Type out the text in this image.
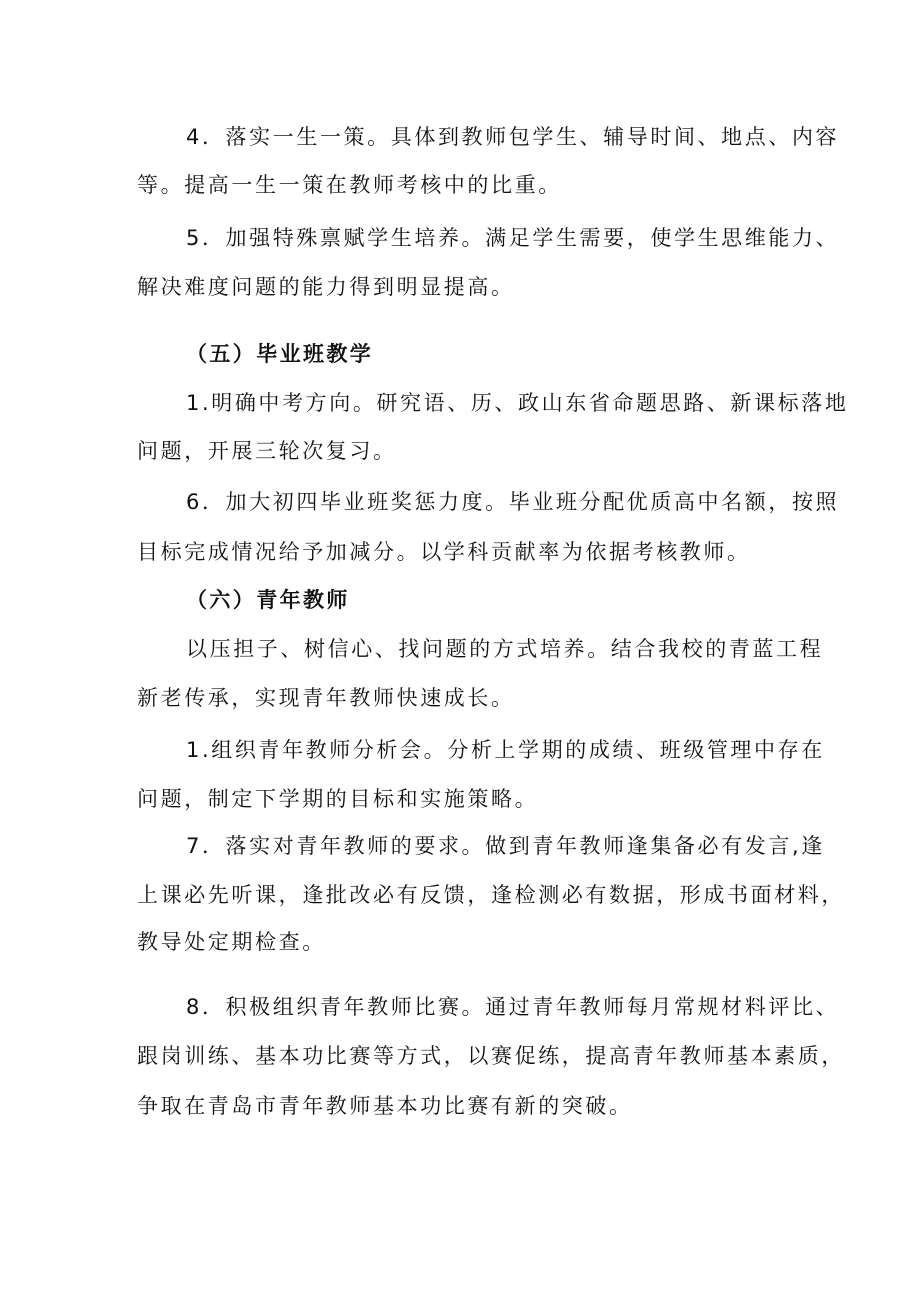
4．落实一生一策。具体到教师包学生、辅导时间、地点、内容
等。提高一生一策在教师考核中的比重。
5．加强特殊禀赋学生培养。满足学生需要，使学生思维能力、
解决难度问题的能力得到明显提高。
（五）毕业班教学
1.明确中考方向。研究语、历、政山东省命题思路、新课标落地
问题，开展三轮次复习。
6．加大初四毕业班奖惩力度。毕业班分配优质高中名额，按照
目标完成情况给予加减分。以学科贡献率为依据考核教师。
（六）青年教师
以压担子、树信心、找问题的方式培养。结合我校的青蓝工程
新老传承，实现青年教师快速成长。
1.组织青年教师分析会。分析上学期的成绩、班级管理中存在
问题，制定下学期的目标和实施策略。
7．落实对青年教师的要求。做到青年教师逢集备必有发言,逢
上课必先听课，逢批改必有反馈，逢检测必有数据，形成书面材料，
教导处定期检查。
8．积极组织青年教师比赛。通过青年教师每月常规材料评比、
跟岗训练、基本功比赛等方式，以赛促练，提高青年教师基本素质，
争取在青岛市青年教师基本功比赛有新的突破。
